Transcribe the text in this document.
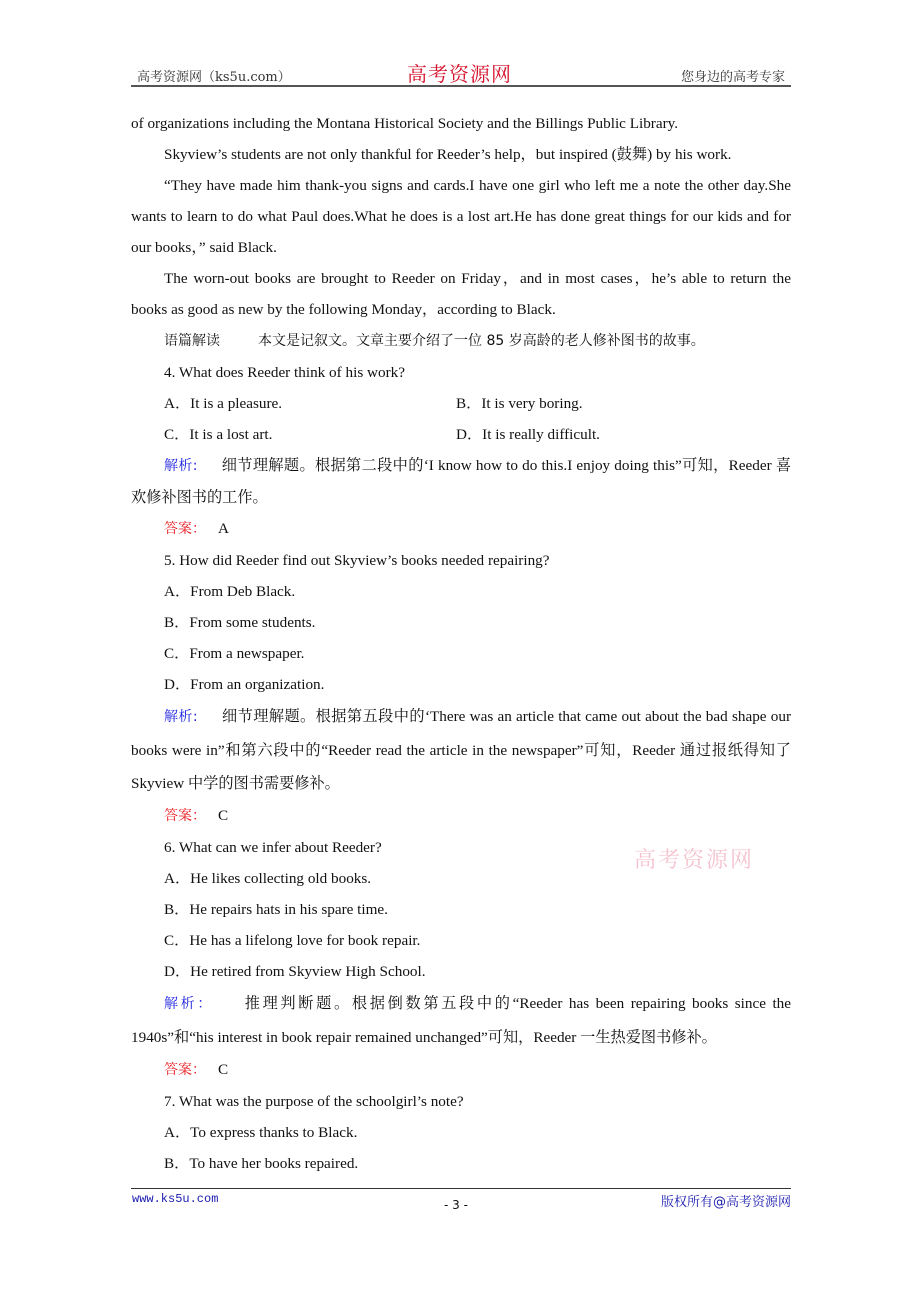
高考资源网（ks5u.com）	高考资源网	您身边的高考专家

of organizations including the Montana Historical Society and the Billings Public Library.

Skyview’s students are not only thankful for Reeder’s help，but inspired (鼓舞) by his work.

“They have made him thank-you signs and cards.I have one girl who left me a note the other day.She wants to learn to do what Paul does.What he does is a lost art.He has done great things for our kids and for our books，” said Black.

The worn-out books are brought to Reeder on Friday，and in most cases，he’s able to return the books as good as new by the following Monday，according to Black.

语篇解读	本文是记叙文。文章主要介绍了一位 85 岁高龄的老人修补图书的故事。

4. What does Reeder think of his work?

A．It is a pleasure.	B．It is very boring.
C．It is a lost art.	D．It is really difficult.

解析: 细节理解题。根据第二段中的‘I know how to do this.I enjoy doing this”可知，Reeder 喜欢修补图书的工作。

答案： A

5. How did Reeder find out Skyview’s books needed repairing?

A．From Deb Black.

B．From some students.

C．From a newspaper.

D．From an organization.

解析: 细节理解题。根据第五段中的‘There was an article that came out about the bad shape our books were in”和第六段中的“Reeder read the article in the newspaper”可知，Reeder 通过报纸得知了 Skyview 中学的图书需要修补。

答案： C

6. What can we infer about Reeder?

A．He likes collecting old books.

B．He repairs hats in his spare time.

C．He has a lifelong love for book repair.

D．He retired from Skyview High School.

解析： 推理判断题。根据倒数第五段中的“Reeder has been repairing books since the 1940s”和“his interest in book repair remained unchanged”可知，Reeder 一生热爱图书修补。

答案： C

7. What was the purpose of the schoolgirl’s note?

A．To express thanks to Black.

B．To have her books repaired.

高考资源网
www.ks5u.com	- 3 -	版权所有@高考资源网
